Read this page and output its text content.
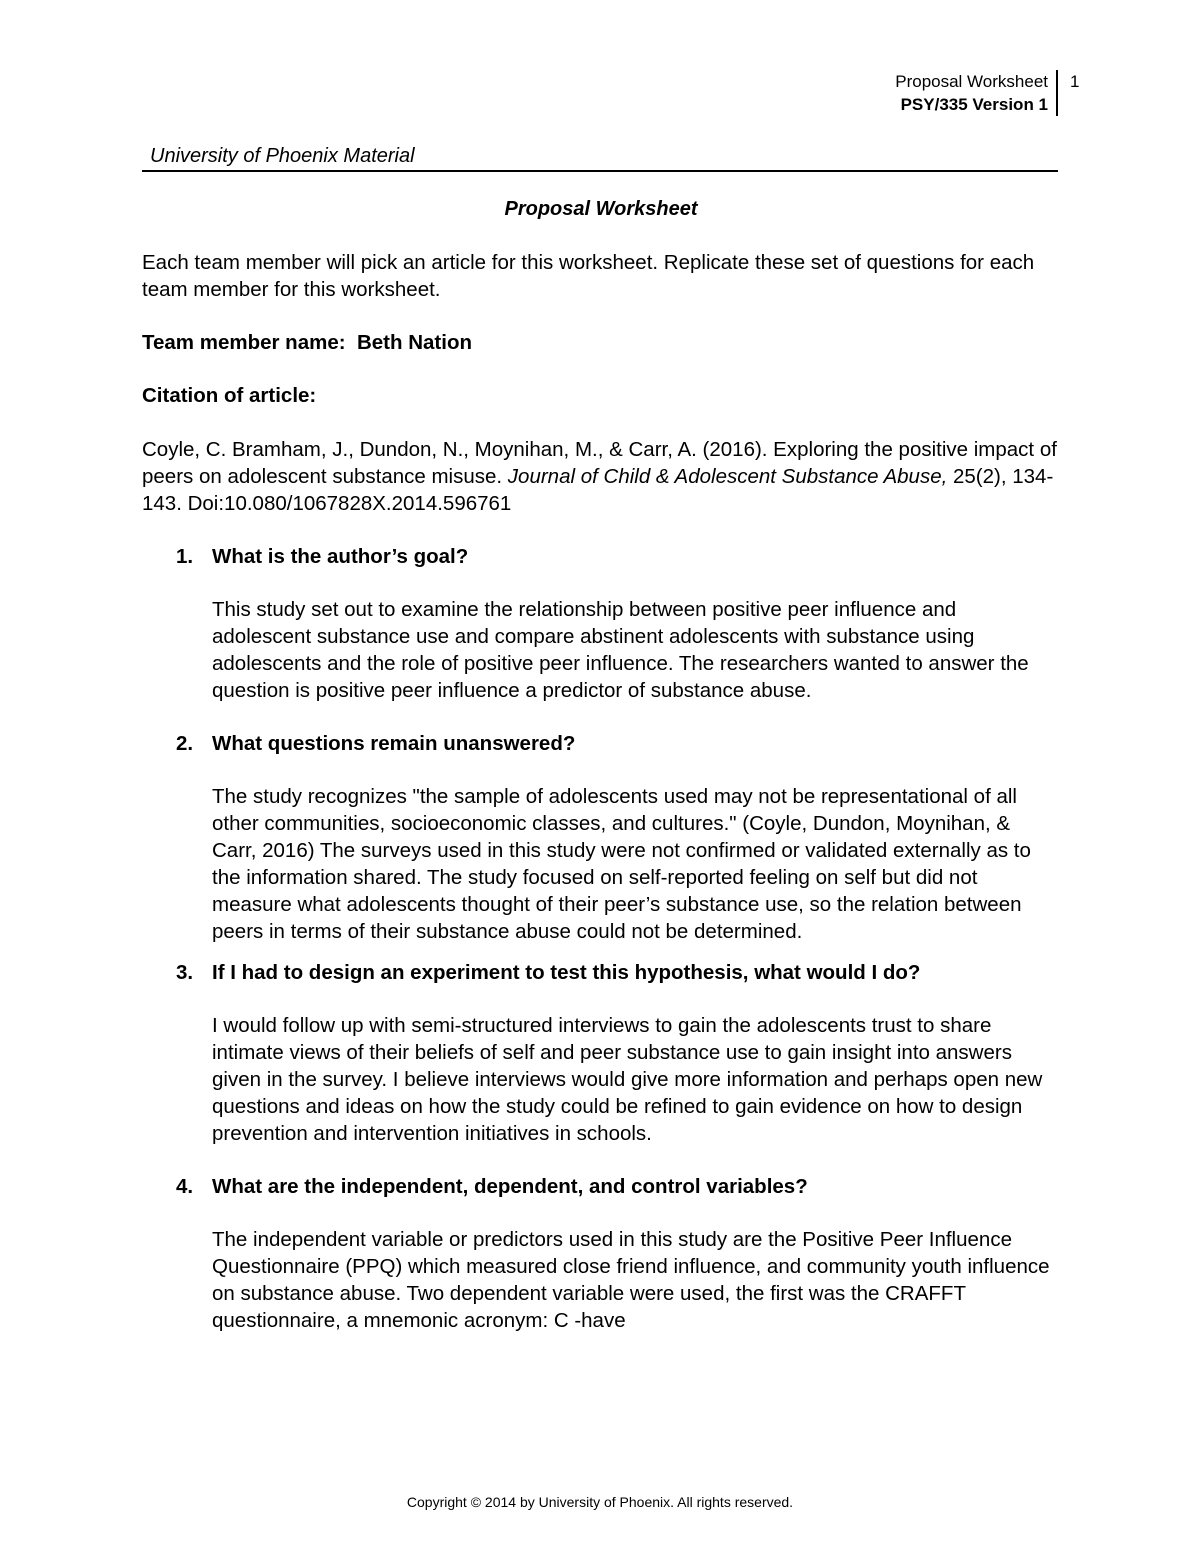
Proposal Worksheet
PSY/335 Version 1
1
University of Phoenix Material
Proposal Worksheet

Each team member will pick an article for this worksheet. Replicate these set of questions for each team member for this worksheet.

Team member name: Beth Nation

Citation of article:

Coyle, C. Bramham, J., Dundon, N., Moynihan, M., & Carr, A. (2016). Exploring the positive impact of peers on adolescent substance misuse. Journal of Child & Adolescent Substance Abuse, 25(2), 134-143. Doi:10.080/1067828X.2014.596761

1. What is the author’s goal?

This study set out to examine the relationship between positive peer influence and adolescent substance use and compare abstinent adolescents with substance using adolescents and the role of positive peer influence. The researchers wanted to answer the question is positive peer influence a predictor of substance abuse.

2. What questions remain unanswered?

The study recognizes "the sample of adolescents used may not be representational of all other communities, socioeconomic classes, and cultures." (Coyle, Dundon, Moynihan, & Carr, 2016) The surveys used in this study were not confirmed or validated externally as to the information shared. The study focused on self-reported feeling on self but did not measure what adolescents thought of their peer’s substance use, so the relation between peers in terms of their substance abuse could not be determined.

3. If I had to design an experiment to test this hypothesis, what would I do?

I would follow up with semi-structured interviews to gain the adolescents trust to share intimate views of their beliefs of self and peer substance use to gain insight into answers given in the survey. I believe interviews would give more information and perhaps open new questions and ideas on how the study could be refined to gain evidence on how to design prevention and intervention initiatives in schools.

4. What are the independent, dependent, and control variables?

The independent variable or predictors used in this study are the Positive Peer Influence Questionnaire (PPQ) which measured close friend influence, and community youth influence on substance abuse. Two dependent variable were used, the first was the CRAFFT questionnaire, a mnemonic acronym: C -have

Copyright © 2014 by University of Phoenix. All rights reserved.
